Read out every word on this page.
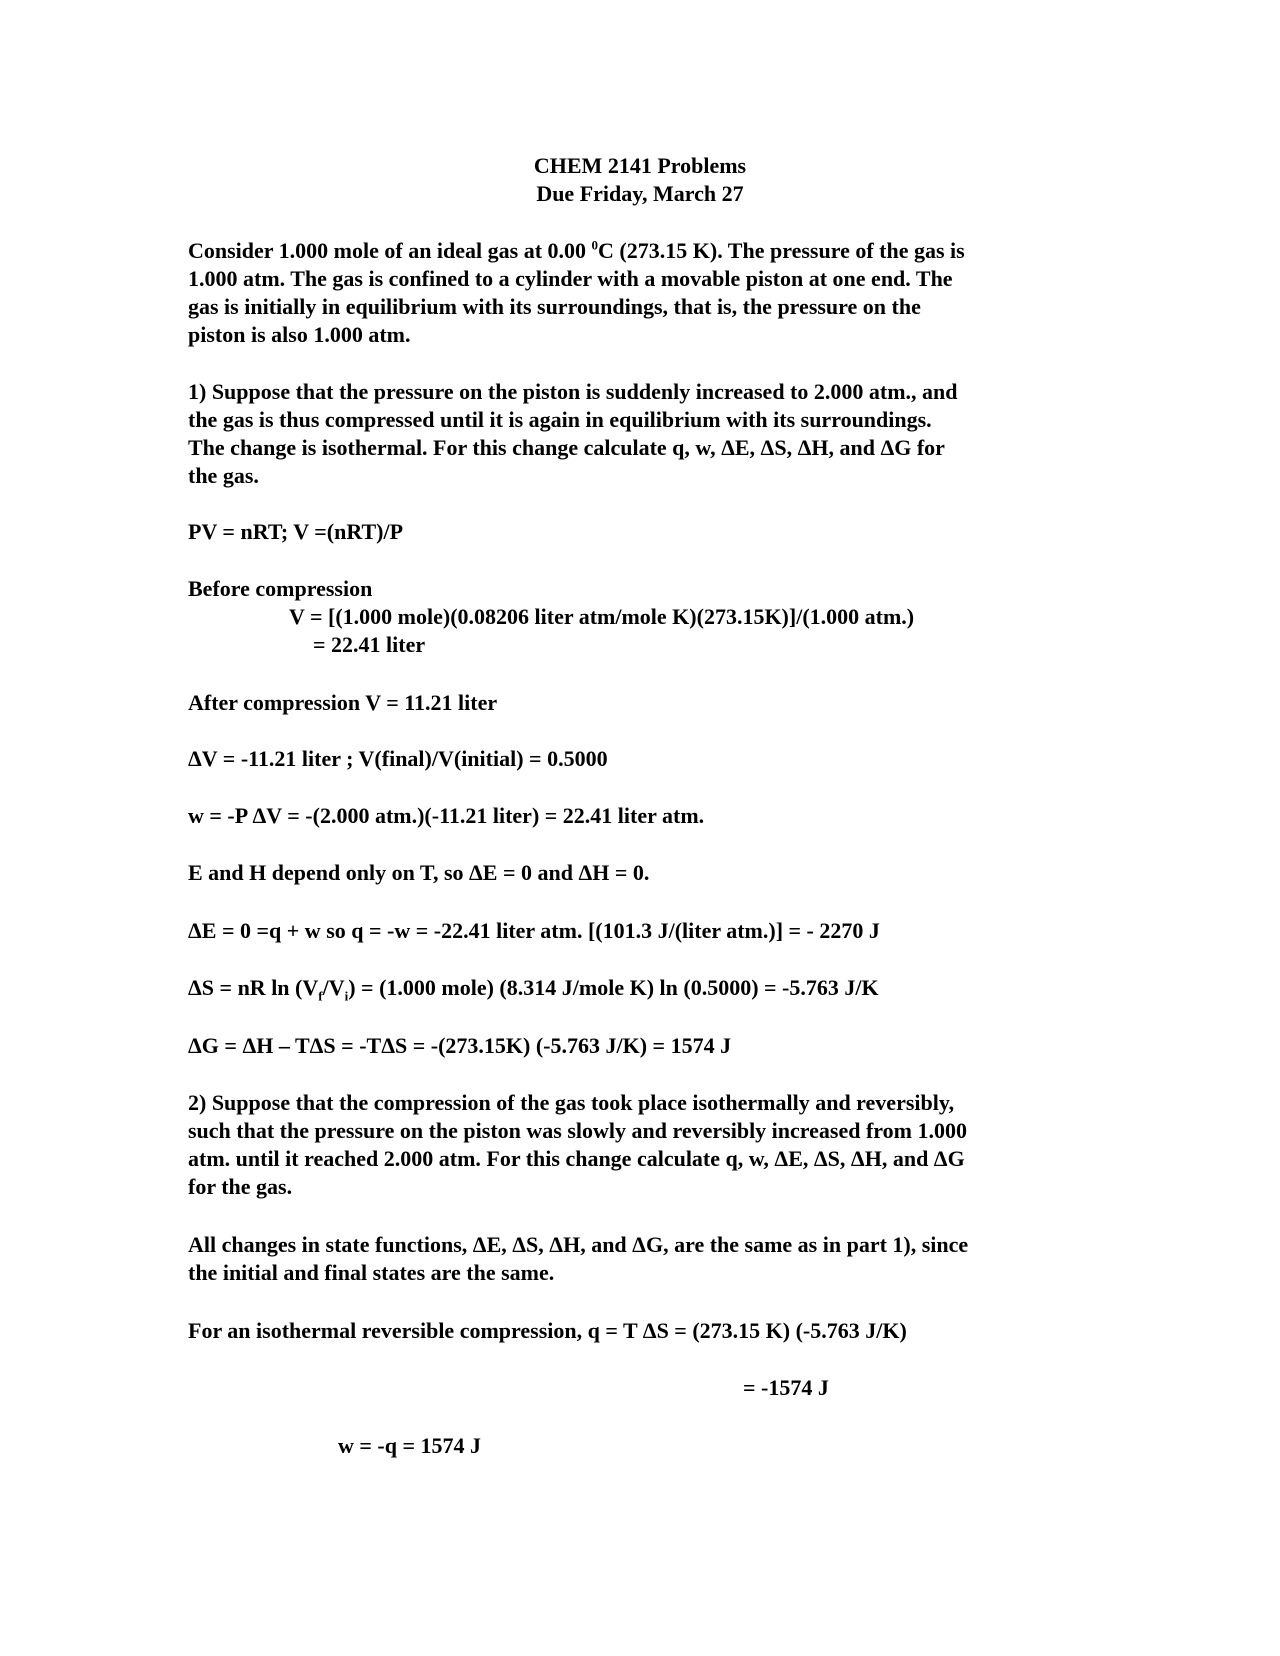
CHEM 2141 Problems
Due Friday, March 27
Consider 1.000 mole of an ideal gas at 0.00 $^0$C (273.15 K). The pressure of the gas is
1.000 atm. The gas is confined to a cylinder with a movable piston at one end. The
gas is initially in equilibrium with its surroundings, that is, the pressure on the
piston is also 1.000 atm.
1) Suppose that the pressure on the piston is suddenly increased to 2.000 atm., and
the gas is thus compressed until it is again in equilibrium with its surroundings.
The change is isothermal. For this change calculate q, w, ΔE, ΔS, ΔH, and ΔG for
the gas.
PV = nRT; V =(nRT)/P
Before compression
V = [(1.000 mole)(0.08206 liter atm/mole K)(273.15K)]/(1.000 atm.)
= 22.41 liter
After compression V = 11.21 liter
ΔV = -11.21 liter ; V(final)/V(initial) = 0.5000
w = -P ΔV = -(2.000 atm.)(-11.21 liter) = 22.41 liter atm.
E and H depend only on T, so ΔE = 0 and ΔH = 0.
ΔE = 0 =q + w so q = -w = -22.41 liter atm. [(101.3 J/(liter atm.)] = - 2270 J
ΔS = nR $\ln (V_f/V_i) = (1.000$ mole) (8.314 J/mole K) ln (0.5000) = -5.763 J/K
ΔG = ΔH – TΔS = -TΔS = -(273.15K) (-5.763 J/K) = 1574 J
2) Suppose that the compression of the gas took place isothermally and reversibly,
such that the pressure on the piston was slowly and reversibly increased from 1.000
atm. until it reached 2.000 atm. For this change calculate q, w, ΔE, ΔS, ΔH, and ΔG
for the gas.
All changes in state functions, ΔE, ΔS, ΔH, and ΔG, are the same as in part 1), since
the initial and final states are the same.
For an isothermal reversible compression, q = T ΔS = (273.15 K) (-5.763 J/K)
= -1574 J
w = -q = 1574 J
